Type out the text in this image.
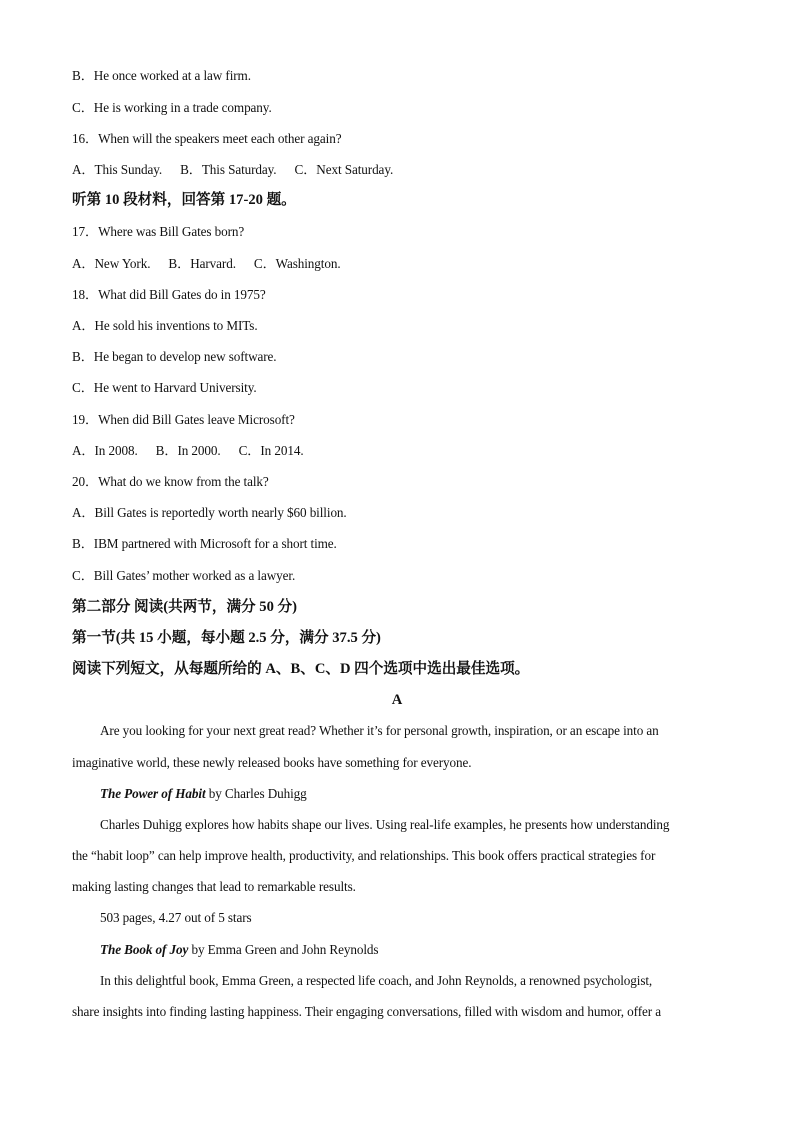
B．He once worked at a law firm.
C．He is working in a trade company.
16．When will the speakers meet each other again?
A．This Sunday. B．This Saturday. C．Next Saturday.
听第 10 段材料，回答第 17-20 题。
17．Where was Bill Gates born?
A．New York. B．Harvard. C．Washington.
18．What did Bill Gates do in 1975?
A．He sold his inventions to MITs.
B．He began to develop new software.
C．He went to Harvard University.
19．When did Bill Gates leave Microsoft?
A．In 2008. B．In 2000. C．In 2014.
20．What do we know from the talk?
A．Bill Gates is reportedly worth nearly $60 billion.
B．IBM partnered with Microsoft for a short time.
C．Bill Gates’ mother worked as a lawyer.
第二部分 阅读(共两节，满分 50 分)
第一节(共 15 小题，每小题 2.5 分，满分 37.5 分)
阅读下列短文，从每题所给的 A、B、C、D 四个选项中选出最佳选项。
A
Are you looking for your next great read? Whether it’s for personal growth, inspiration, or an escape into an
imaginative world, these newly released books have something for everyone.
The Power of Habit by Charles Duhigg
Charles Duhigg explores how habits shape our lives. Using real-life examples, he presents how understanding
the “habit loop” can help improve health, productivity, and relationships. This book offers practical strategies for
making lasting changes that lead to remarkable results.
503 pages, 4.27 out of 5 stars
The Book of Joy by Emma Green and John Reynolds
In this delightful book, Emma Green, a respected life coach, and John Reynolds, a renowned psychologist,
share insights into finding lasting happiness. Their engaging conversations, filled with wisdom and humor, offer a
